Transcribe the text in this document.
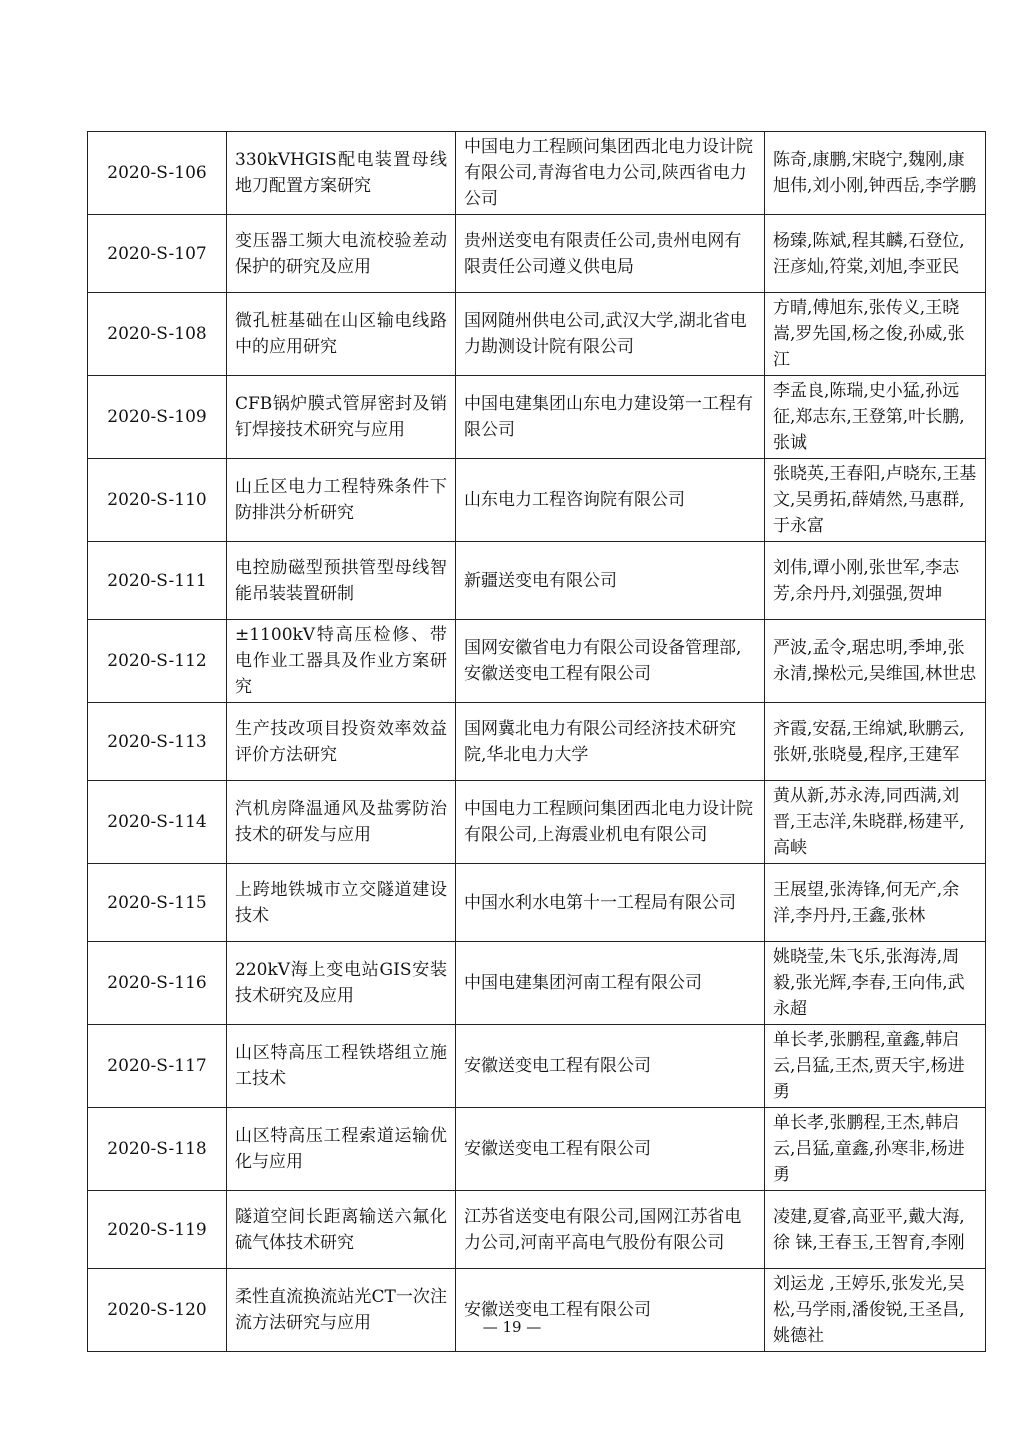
2020-S-106	330kVHGIS配电装置母线地刀配置方案研究	中国电力工程顾问集团西北电力设计院有限公司,青海省电力公司,陕西省电力公司	陈奇,康鹏,宋晓宁,魏刚,康旭伟,刘小刚,钟西岳,李学鹏
2020-S-107	变压器工频大电流校验差动保护的研究及应用	贵州送变电有限责任公司,贵州电网有限责任公司遵义供电局	杨臻,陈斌,程其麟,石登位,汪彦灿,符棠,刘旭,李亚民
2020-S-108	微孔桩基础在山区输电线路中的应用研究	国网随州供电公司,武汉大学,湖北省电力勘测设计院有限公司	方晴,傅旭东,张传义,王晓嵩,罗先国,杨之俊,孙威,张江
2020-S-109	CFB锅炉膜式管屏密封及销钉焊接技术研究与应用	中国电建集团山东电力建设第一工程有限公司	李孟良,陈瑞,史小猛,孙远征,郑志东,王登第,叶长鹏,张诚
2020-S-110	山丘区电力工程特殊条件下防排洪分析研究	山东电力工程咨询院有限公司	张晓英,王春阳,卢晓东,王基文,吴勇拓,薛婧然,马惠群,于永富
2020-S-111	电控励磁型预拱管型母线智能吊装装置研制	新疆送变电有限公司	刘伟,谭小刚,张世军,李志芳,余丹丹,刘强强,贺坤
2020-S-112	±1100kV特高压检修、带电作业工器具及作业方案研究	国网安徽省电力有限公司设备管理部,安徽送变电工程有限公司	严波,孟令,琚忠明,季坤,张永清,操松元,吴维国,林世忠
2020-S-113	生产技改项目投资效率效益评价方法研究	国网冀北电力有限公司经济技术研究院,华北电力大学	齐霞,安磊,王绵斌,耿鹏云,张妍,张晓曼,程序,王建军
2020-S-114	汽机房降温通风及盐雾防治技术的研发与应用	中国电力工程顾问集团西北电力设计院有限公司,上海震业机电有限公司	黄从新,苏永涛,同西满,刘晋,王志洋,朱晓群,杨建平,高峡
2020-S-115	上跨地铁城市立交隧道建设技术	中国水利水电第十一工程局有限公司	王展望,张涛锋,何无产,余洋,李丹丹,王鑫,张林
2020-S-116	220kV海上变电站GIS安装技术研究及应用	中国电建集团河南工程有限公司	姚晓莹,朱飞乐,张海涛,周毅,张光辉,李春,王向伟,武永超
2020-S-117	山区特高压工程铁塔组立施工技术	安徽送变电工程有限公司	单长孝,张鹏程,童鑫,韩启云,吕猛,王杰,贾天宇,杨进勇
2020-S-118	山区特高压工程索道运输优化与应用	安徽送变电工程有限公司	单长孝,张鹏程,王杰,韩启云,吕猛,童鑫,孙寒非,杨进勇
2020-S-119	隧道空间长距离输送六氟化硫气体技术研究	江苏省送变电有限公司,国网江苏省电力公司,河南平高电气股份有限公司	凌建,夏睿,高亚平,戴大海,徐 铼,王春玉,王智育,李刚
2020-S-120	柔性直流换流站光CT一次注流方法研究与应用	安徽送变电工程有限公司	刘运龙 ,王婷乐,张发光,吴松,马学雨,潘俊锐,王圣昌,姚德社
— 19 —
